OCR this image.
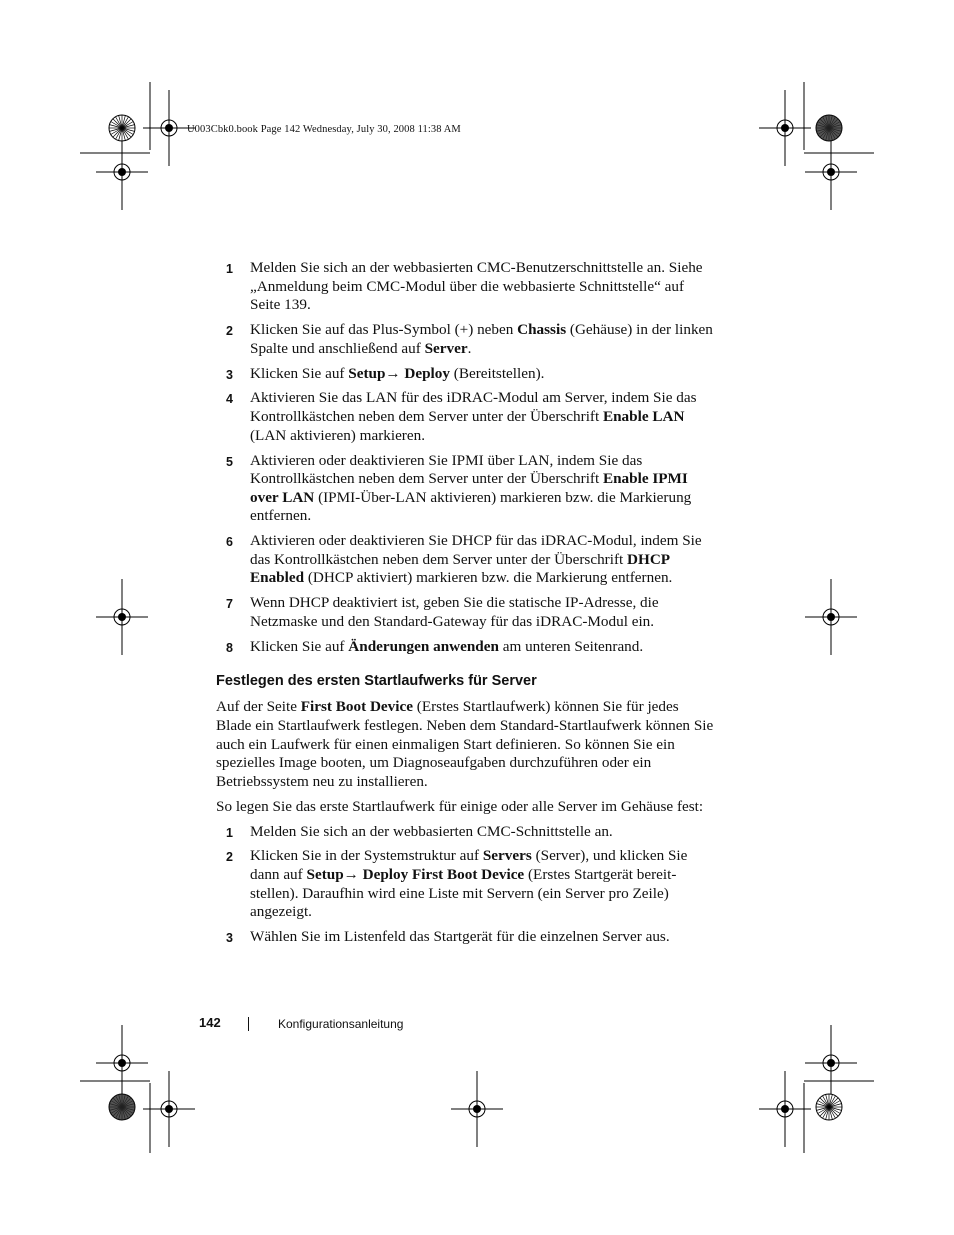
U003Cbk0.book Page 142 Wednesday, July 30, 2008 11:38 AM
1 Melden Sie sich an der webbasierten CMC-Benutzerschnittstelle an. Siehe „Anmeldung beim CMC-Modul über die webbasierte Schnittstelle“ auf Seite 139.
2 Klicken Sie auf das Plus-Symbol (+) neben Chassis (Gehäuse) in der linken Spalte und anschließend auf Server.
3 Klicken Sie auf Setup→ Deploy (Bereitstellen).
4 Aktivieren Sie das LAN für des iDRAC-Modul am Server, indem Sie das Kontrollkästchen neben dem Server unter der Überschrift Enable LAN (LAN aktivieren) markieren.
5 Aktivieren oder deaktivieren Sie IPMI über LAN, indem Sie das Kontrollkästchen neben dem Server unter der Überschrift Enable IPMI over LAN (IPMI-Über-LAN aktivieren) markieren bzw. die Markierung entfernen.
6 Aktivieren oder deaktivieren Sie DHCP für das iDRAC-Modul, indem Sie das Kontrollkästchen neben dem Server unter der Überschrift DHCP Enabled (DHCP aktiviert) markieren bzw. die Markierung entfernen.
7 Wenn DHCP deaktiviert ist, geben Sie die statische IP-Adresse, die Netzmaske und den Standard-Gateway für das iDRAC-Modul ein.
8 Klicken Sie auf Änderungen anwenden am unteren Seitenrand.
Festlegen des ersten Startlaufwerks für Server
Auf der Seite First Boot Device (Erstes Startlaufwerk) können Sie für jedes Blade ein Startlaufwerk festlegen. Neben dem Standard-Startlaufwerk können Sie auch ein Laufwerk für einen einmaligen Start definieren. So können Sie ein spezielles Image booten, um Diagnoseaufgaben durchzuführen oder ein Betriebssystem neu zu installieren.
So legen Sie das erste Startlaufwerk für einige oder alle Server im Gehäuse fest:
1 Melden Sie sich an der webbasierten CMC-Schnittstelle an.
2 Klicken Sie in der Systemstruktur auf Servers (Server), und klicken Sie dann auf Setup→ Deploy First Boot Device (Erstes Startgerät bereit-stellen). Daraufhin wird eine Liste mit Servern (ein Server pro Zeile) angezeigt.
3 Wählen Sie im Listenfeld das Startgerät für die einzelnen Server aus.
142	Konfigurationsanleitung
